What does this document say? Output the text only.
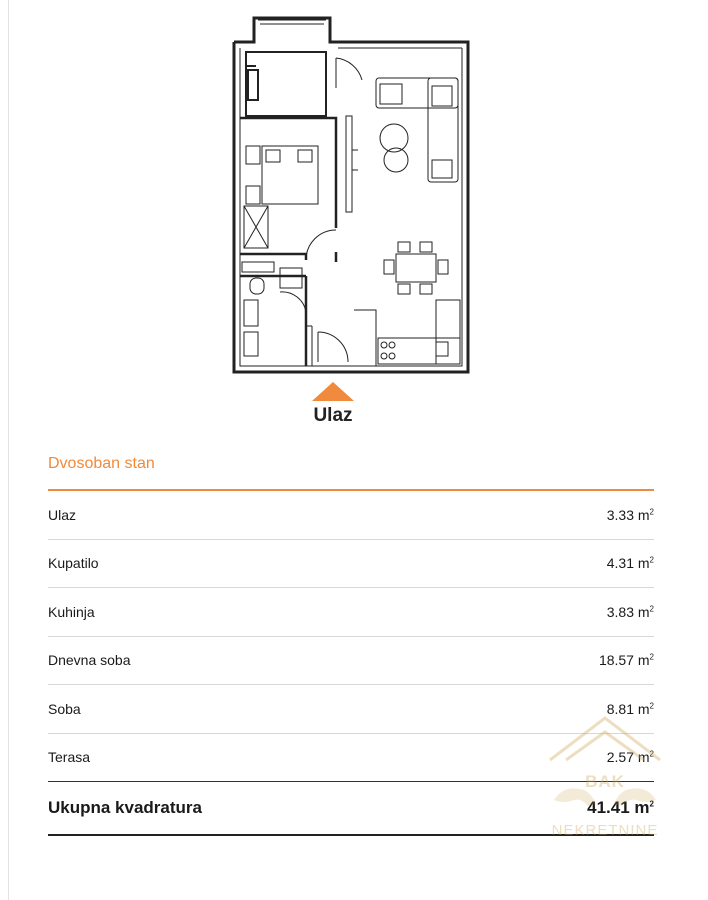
Ulaz
Dvosoban stan
Ulaz	3.33 $m^2$
Kupatilo	4.31 $m^2$
Kuhinja	3.83 $m^2$
Dnevna soba	18.57 $m^2$
Soba	8.81 $m^2$
Terasa	2.57 $m^2$
Ukupna kvadratura	41.41 $m^2$
BAK
NEKRETNINE
